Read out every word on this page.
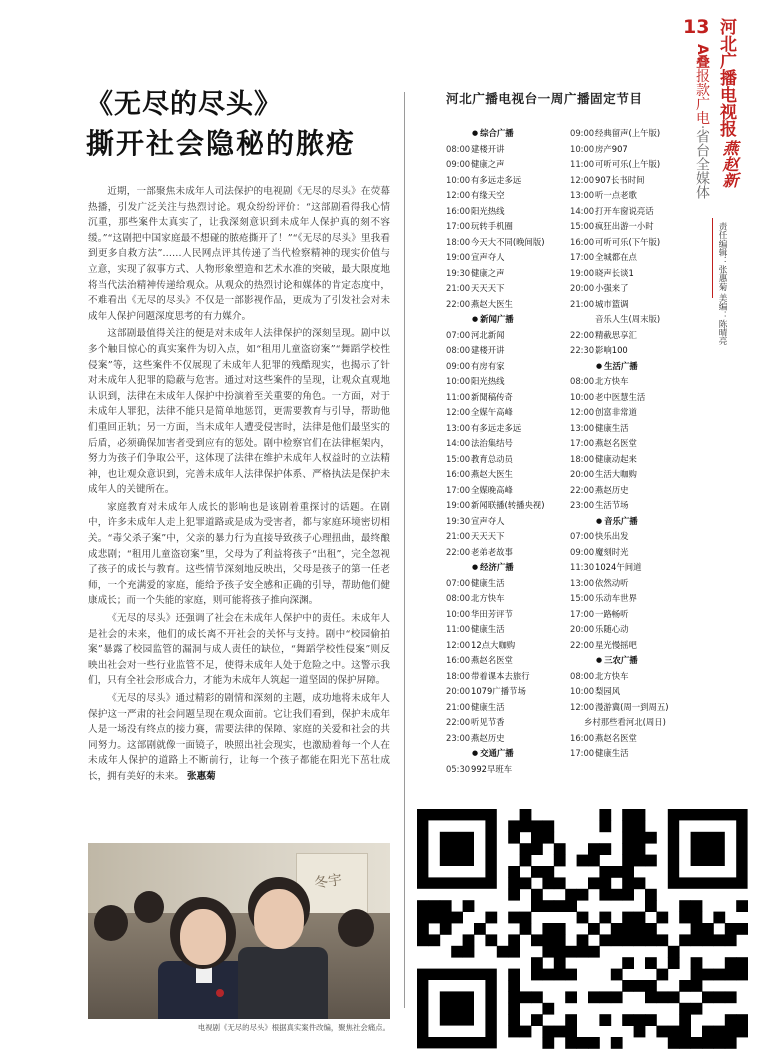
《无尽的尽头》
撕开社会隐秘的脓疮

近期，一部聚焦未成年人司法保护的电视剧《无尽的尽头》在荧幕热播，引发广泛关注与热烈讨论。观众纷纷评价：“这部剧看得我心情沉重，那些案件太真实了，让我深刻意识到未成年人保护真的刻不容缓。”“这剧把中国家庭最不想碰的脓疮撕开了！”“《无尽的尽头》里我看到更多自救方法”……人民网点评其传递了当代检察精神的现实价值与立意，实现了叙事方式、人物形象塑造和艺术水准的突破，最大限度地将当代法治精神传递给观众。从观众的热烈讨论和媒体的肯定态度中，不难看出《无尽的尽头》不仅是一部影视作品，更成为了引发社会对未成年人保护问题深度思考的有力媒介。

这部剧最值得关注的便是对未成年人法律保护的深刻呈现。剧中以多个触目惊心的真实案件为切入点，如“租用儿童盗窃案”“舞蹈学校性侵案”等，这些案件不仅展现了未成年人犯罪的残酷现实，也揭示了针对未成年人犯罪的隐蔽与危害。通过对这些案件的呈现，让观众直观地认识到，法律在未成年人保护中扮演着至关重要的角色。一方面，对于未成年人罪犯，法律不能只是简单地惩罚，更需要教育与引导，帮助他们重回正轨；另一方面，当未成年人遭受侵害时，法律是他们最坚实的后盾，必须确保加害者受到应有的惩处。剧中检察官们在法律框架内，努力为孩子们争取公平，这体现了法律在维护未成年人权益时的立法精神，也让观众意识到，完善未成年人法律保护体系、严格执法是保护未成年人的关键所在。

家庭教育对未成年人成长的影响也是该剧着重探讨的话题。在剧中，许多未成年人走上犯罪道路或是成为受害者，都与家庭环境密切相关。“毒父杀子案”中，父亲的暴力行为直接导致孩子心理扭曲，最终酿成悲剧；“租用儿童盗窃案”里，父母为了利益将孩子“出租”，完全忽视了孩子的成长与教育。这些情节深刻地反映出，父母是孩子的第一任老师，一个充满爱的家庭，能给予孩子安全感和正确的引导，帮助他们健康成长；而一个失能的家庭，则可能将孩子推向深渊。

《无尽的尽头》还强调了社会在未成年人保护中的责任。未成年人是社会的未来，他们的成长离不开社会的关怀与支持。剧中“校园偷拍案”暴露了校园监管的漏洞与成人责任的缺位，“舞蹈学校性侵案”则反映出社会对一些行业监管不足，使得未成年人处于危险之中。这警示我们，只有全社会形成合力，才能为未成年人筑起一道坚固的保护屏障。

《无尽的尽头》通过精彩的剧情和深刻的主题，成功地将未成年人保护这一严肃的社会问题呈现在观众面前。它让我们看到，保护未成年人是一场没有终点的接力赛，需要法律的保障、家庭的关爱和社会的共同努力。这部剧就像一面镜子，映照出社会现实，也激励着每一个人在未成年人保护的道路上不断前行，让每一个孩子都能在阳光下茁壮成长，拥有美好的未来。 张惠菊

冬宇
电视剧《无尽的尽头》根据真实案件改编，聚焦社会痛点。
河北广播电视台一周广播固定节目
● 综合广播
08:00建楼开讲
09:00健康之声
10:00有多远走多远
12:00有缘天空
16:00阳光热线
17:00玩转手机圈
18:00今天大不同(晚间版)
19:00宣声夺人
19:30健康之声
21:00天天天下
22:00燕赵大医生
● 新闻广播
07:00河北新闻
08:00建楼开讲
09:00有房有家
10:00阳光热线
11:00新聞稿传奇
12:00全媒午高峰
13:00有多远走多远
14:00法治集结号
15:00教育总动员
16:00燕赵大医生
17:00全媒晚高峰
19:00新闻联播(转播央视)
19:30宣声夺人
21:00天天天下
22:00老弟老故事
● 经济广播
07:00健康生活
08:00北方快车
10:00华田芳评节
11:00健康生活
12:0012点大咖购
16:00燕赵名医堂
18:00带着课本去旅行
20:001079广播节场
21:00健康生活
22:00听见节香
23:00燕赵历史
● 交通广播
05:30992早班车
09:00经典留声(上午版)
10:00房产907
11:00可听可乐(上午版)
12:00907长书时间
13:00听一点老歌
14:00打开车窗说亮话
15:00疯狂出游一小时
16:00可听可乐(下午版)
17:00全城都在点
19:00晓声长谈1
20:00小强来了
21:00城市篮调
音乐人生(周末版)
22:00精截思享汇
22:30影响100
● 生活广播
08:00北方快车
10:00老中医慧生活
12:00创富非常道
13:00健康生活
17:00燕赵名医堂
18:00健康动起来
20:00生活大咖购
22:00燕赵历史
23:00生活节场
● 音乐广播
07:00快乐出发
09:00魔刻时光
11:301024午间道
13:00依然动听
15:00乐动车世界
17:00一路畅听
20:00乐随心动
22:00星光慢摇吧
● 三农广播
08:00北方快车
10:00梨园风
12:00漫游冀(周一到周五)
乡村那些看河北(周日)
16:00燕赵名医堂
17:00健康生活
13 河北广播电视报
燕赵新
A叠报款广电·省台全媒体
责任编辑：张惠菊 美编：陈晴亮
